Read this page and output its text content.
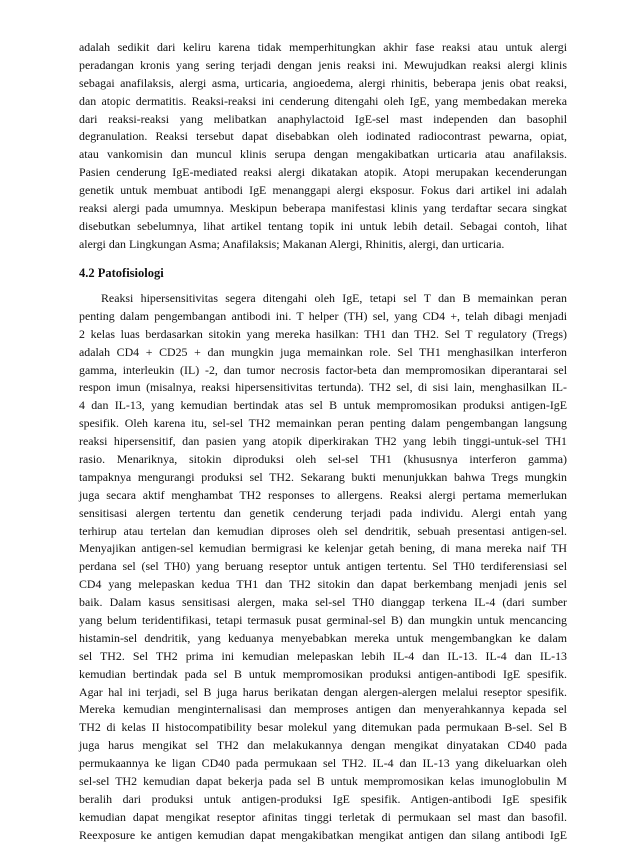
adalah sedikit dari keliru karena tidak memperhitungkan akhir fase reaksi atau untuk alergi
peradangan kronis yang sering terjadi dengan jenis reaksi ini. Mewujudkan reaksi alergi klinis
sebagai anafilaksis, alergi asma, urticaria, angioedema, alergi rhinitis, beberapa jenis obat reaksi,
dan atopic dermatitis. Reaksi-reaksi ini cenderung ditengahi oleh IgE, yang membedakan mereka
dari reaksi-reaksi yang melibatkan anaphylactoid IgE-sel mast independen dan basophil
degranulation. Reaksi tersebut dapat disebabkan oleh iodinated radiocontrast pewarna, opiat,
atau vankomisin dan muncul klinis serupa dengan mengakibatkan urticaria atau anafilaksis.
Pasien cenderung IgE-mediated reaksi alergi dikatakan atopik. Atopi merupakan kecenderungan
genetik untuk membuat antibodi IgE menanggapi alergi eksposur. Fokus dari artikel ini adalah
reaksi alergi pada umumnya. Meskipun beberapa manifestasi klinis yang terdaftar secara singkat
disebutkan sebelumnya, lihat artikel tentang topik ini untuk lebih detail. Sebagai contoh, lihat
alergi dan Lingkungan Asma; Anafilaksis; Makanan Alergi, Rhinitis, alergi, dan urticaria.
4.2 Patofisiologi
Reaksi hipersensitivitas segera ditengahi oleh IgE, tetapi sel T dan B memainkan peran
penting dalam pengembangan antibodi ini. T helper (TH) sel, yang CD4 +, telah dibagi menjadi
2 kelas luas berdasarkan sitokin yang mereka hasilkan: TH1 dan TH2. Sel T regulatory (Tregs)
adalah CD4 + CD25 + dan mungkin juga memainkan role. Sel TH1 menghasilkan interferon
gamma, interleukin (IL) -2, dan tumor necrosis factor-beta dan mempromosikan diperantarai sel
respon imun (misalnya, reaksi hipersensitivitas tertunda). TH2 sel, di sisi lain, menghasilkan IL-
4 dan IL-13, yang kemudian bertindak atas sel B untuk mempromosikan produksi antigen-IgE
spesifik. Oleh karena itu, sel-sel TH2 memainkan peran penting dalam pengembangan langsung
reaksi hipersensitif, dan pasien yang atopik diperkirakan TH2 yang lebih tinggi-untuk-sel TH1
rasio. Menariknya, sitokin diproduksi oleh sel-sel TH1 (khususnya interferon gamma)
tampaknya mengurangi produksi sel TH2. Sekarang bukti menunjukkan bahwa Tregs mungkin
juga secara aktif menghambat TH2 responses to allergens. Reaksi alergi pertama memerlukan
sensitisasi alergen tertentu dan genetik cenderung terjadi pada individu. Alergi entah yang
terhirup atau tertelan dan kemudian diproses oleh sel dendritik, sebuah presentasi antigen-sel.
Menyajikan antigen-sel kemudian bermigrasi ke kelenjar getah bening, di mana mereka naif TH
perdana sel (sel TH0) yang beruang reseptor untuk antigen tertentu. Sel TH0 terdiferensiasi sel
CD4 yang melepaskan kedua TH1 dan TH2 sitokin dan dapat berkembang menjadi jenis sel
baik. Dalam kasus sensitisasi alergen, maka sel-sel TH0 dianggap terkena IL-4 (dari sumber
yang belum teridentifikasi, tetapi termasuk pusat germinal-sel B) dan mungkin untuk mencancing
histamin-sel dendritik, yang keduanya menyebabkan mereka untuk mengembangkan ke dalam
sel TH2. Sel TH2 prima ini kemudian melepaskan lebih IL-4 dan IL-13. IL-4 dan IL-13
kemudian bertindak pada sel B untuk mempromosikan produksi antigen-antibodi IgE spesifik.
Agar hal ini terjadi, sel B juga harus berikatan dengan alergen-alergen melalui reseptor spesifik.
Mereka kemudian menginternalisasi dan memproses antigen dan menyerahkannya kepada sel
TH2 di kelas II histocompatibility besar molekul yang ditemukan pada permukaan B-sel. Sel B
juga harus mengikat sel TH2 dan melakukannya dengan mengikat dinyatakan CD40 pada
permukaannya ke ligan CD40 pada permukaan sel TH2. IL-4 dan IL-13 yang dikeluarkan oleh
sel-sel TH2 kemudian dapat bekerja pada sel B untuk mempromosikan kelas imunoglobulin M
beralih dari produksi untuk antigen-produksi IgE spesifik. Antigen-antibodi IgE spesifik
kemudian dapat mengikat reseptor afinitas tinggi terletak di permukaan sel mast dan basofil.
Reexposure ke antigen kemudian dapat mengakibatkan mengikat antigen dan silang antibodi IgE
